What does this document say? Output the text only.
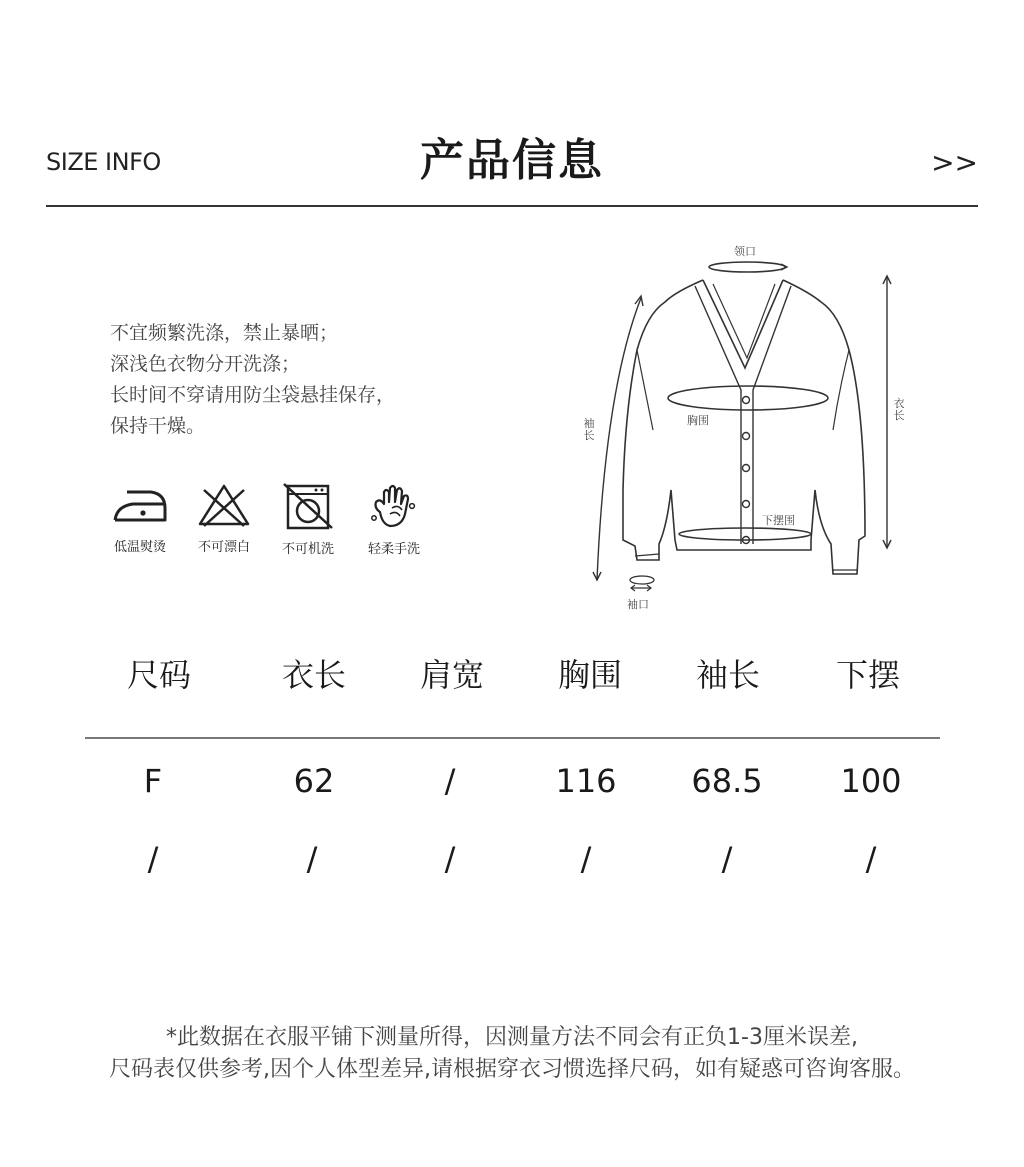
SIZE INFO	产品信息	>>
不宜频繁洗涤，禁止暴晒；
深浅色衣物分开洗涤；
长时间不穿请用防尘袋悬挂保存，
保持干燥。
低温熨烫	不可漂白	不可机洗	轻柔手洗
领口
胸围
衣长
袖长
下摆围
袖口
尺码	衣长	肩宽	胸围	袖长	下摆
F	62	/	116	68.5	100
/	/	/	/	/	/
*此数据在衣服平铺下测量所得，因测量方法不同会有正负1-3厘米误差,
尺码表仅供参考,因个人体型差异,请根据穿衣习惯选择尺码，如有疑惑可咨询客服。
